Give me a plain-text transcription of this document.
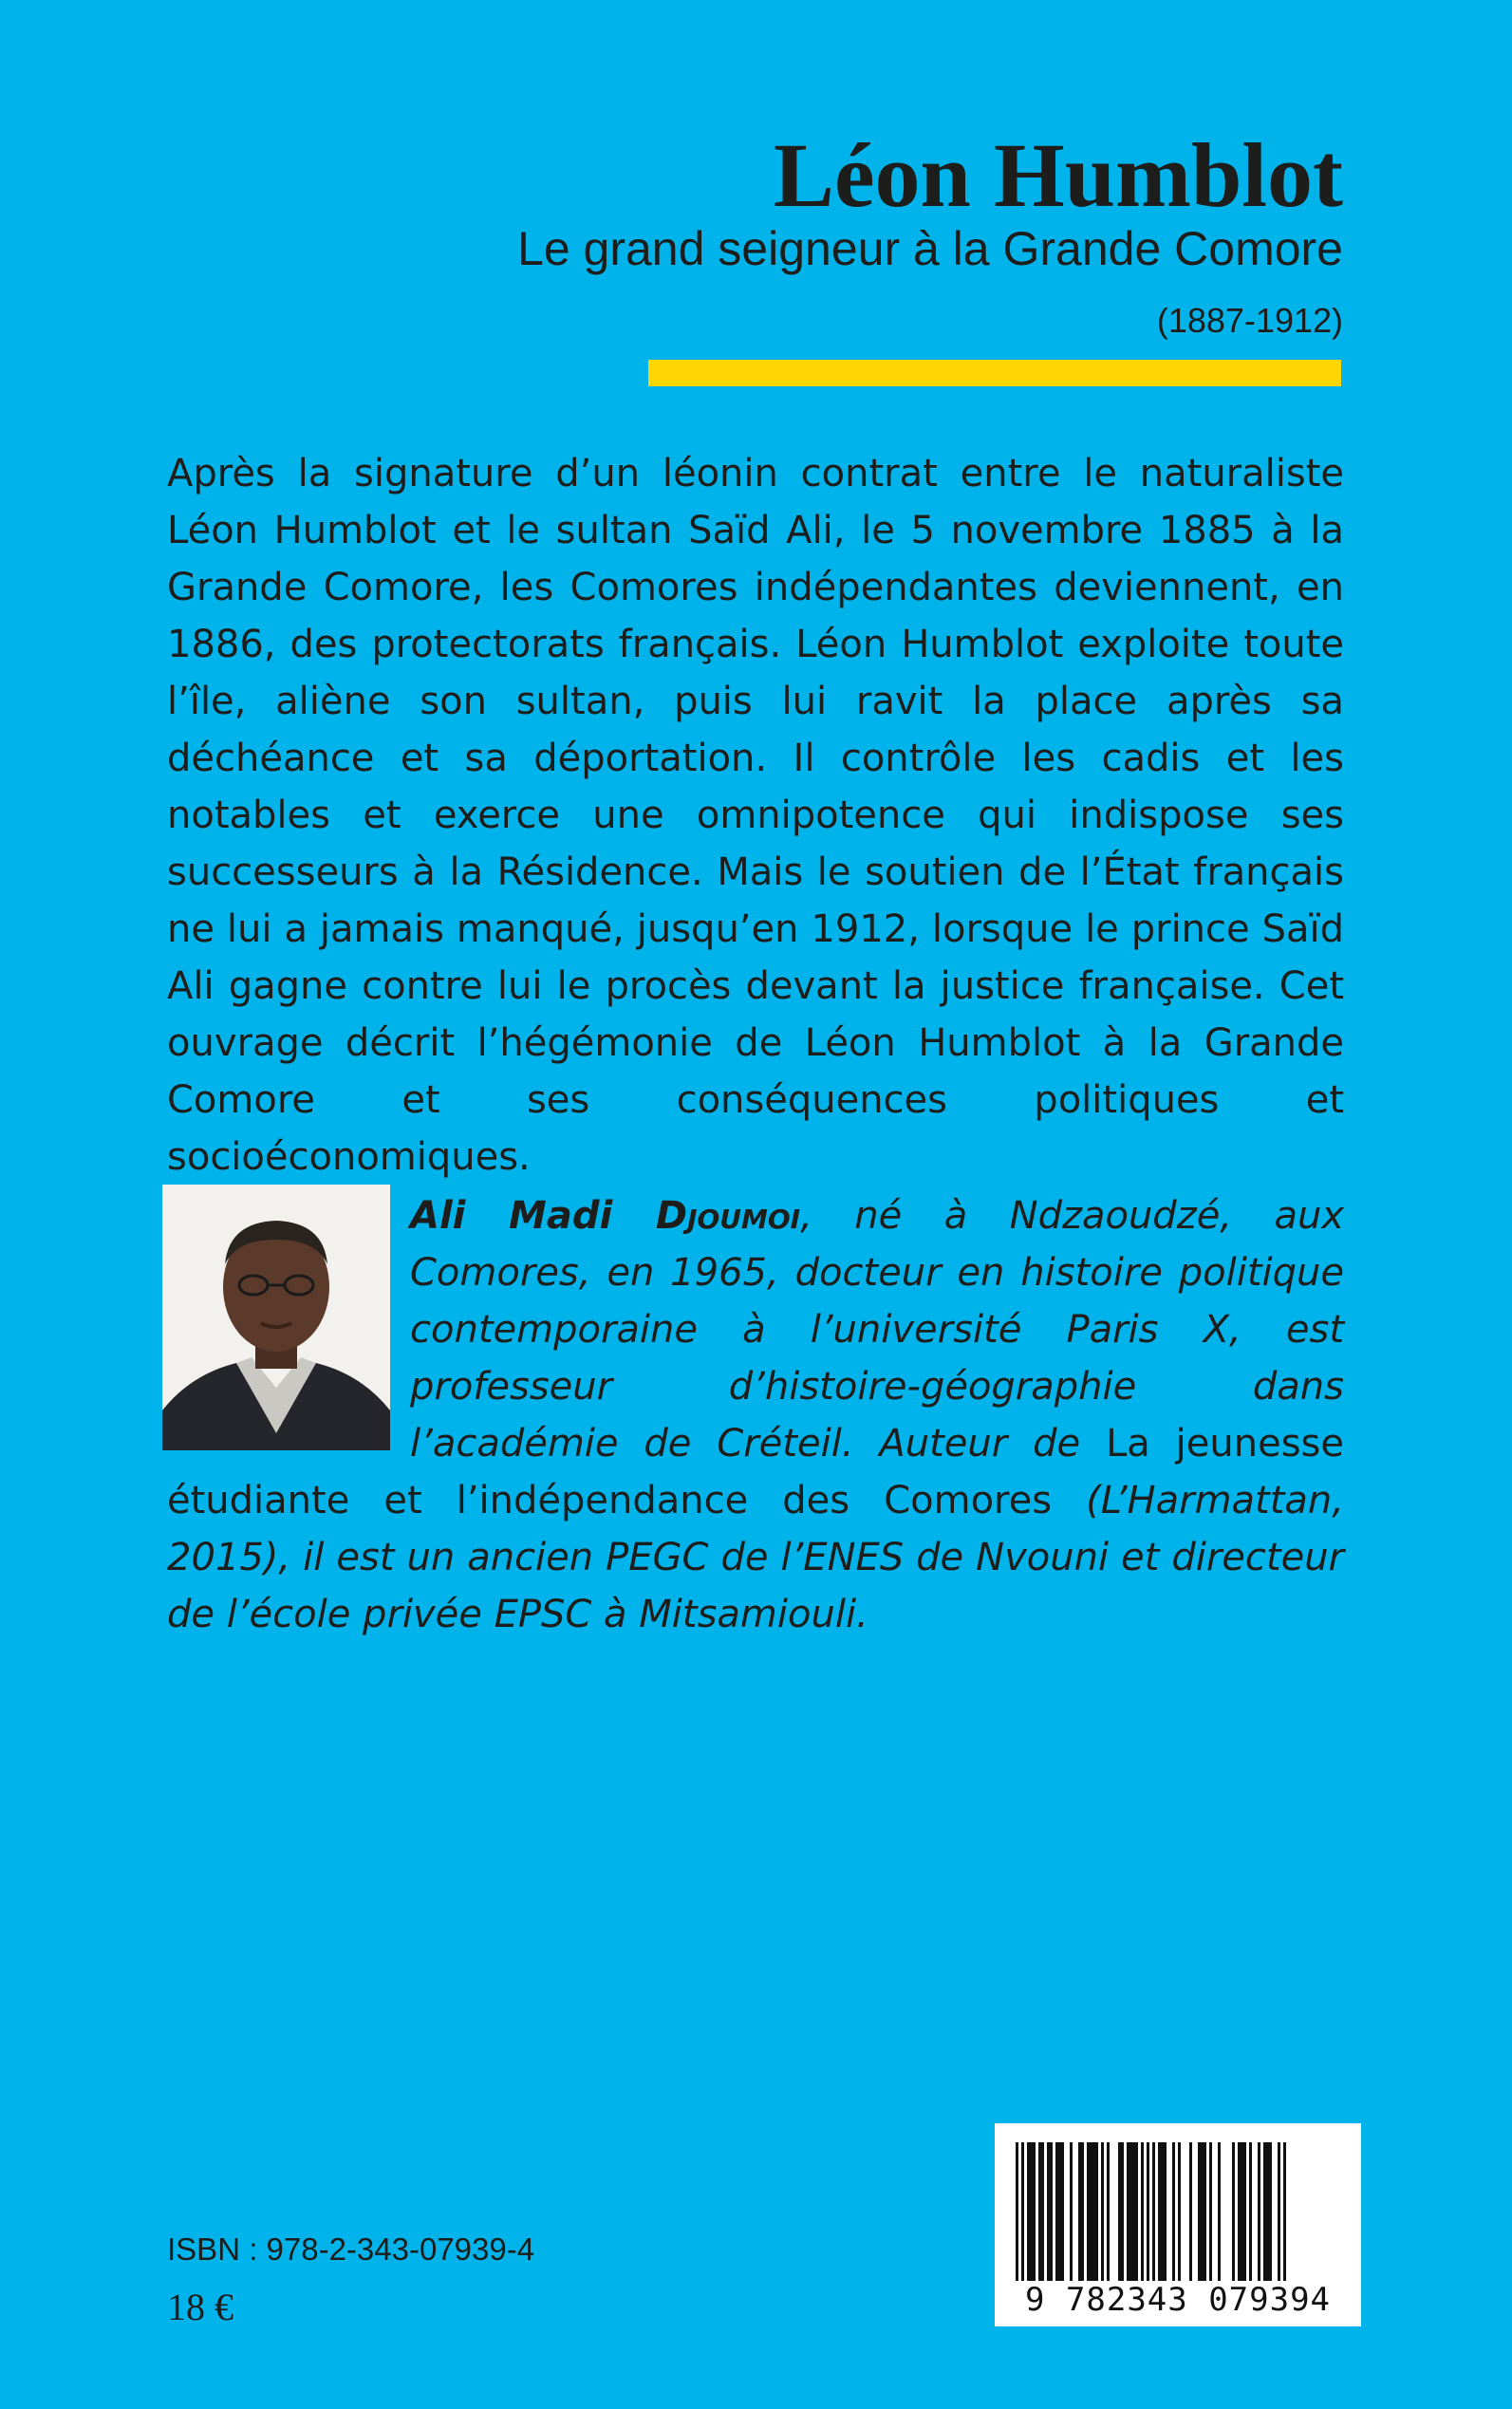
Léon Humblot
Le grand seigneur à la Grande Comore
(1887-1912)

Après la signature d’un léonin contrat entre le naturaliste Léon Humblot et le sultan Saïd Ali, le 5 novembre 1885 à la Grande Comore, les Comores indépendantes deviennent, en 1886, des protectorats français. Léon Humblot exploite toute l’île, aliène son sultan, puis lui ravit la place après sa déchéance et sa déportation. Il contrôle les cadis et les notables et exerce une omnipotence qui indispose ses successeurs à la Résidence. Mais le soutien de l’État français ne lui a jamais manqué, jusqu’en 1912, lorsque le prince Saïd Ali gagne contre lui le procès devant la justice française. Cet ouvrage décrit l’hégémonie de Léon Humblot à la Grande Comore et ses conséquences politiques et socioéconomiques.

Ali Madi Djoumoi, né à Ndzaoudzé, aux Comores, en 1965, docteur en histoire politique contemporaine à l’université Paris X, est professeur d’histoire-géographie dans l’académie de Créteil. Auteur de La jeunesse étudiante et l’indépendance des Comores (L’Harmattan, 2015), il est un ancien PEGC de l’ENES de Nvouni et directeur de l’école privée EPSC à Mitsamiouli.

ISBN : 978-2-343-07939-4
18 €	9 782343 079394
